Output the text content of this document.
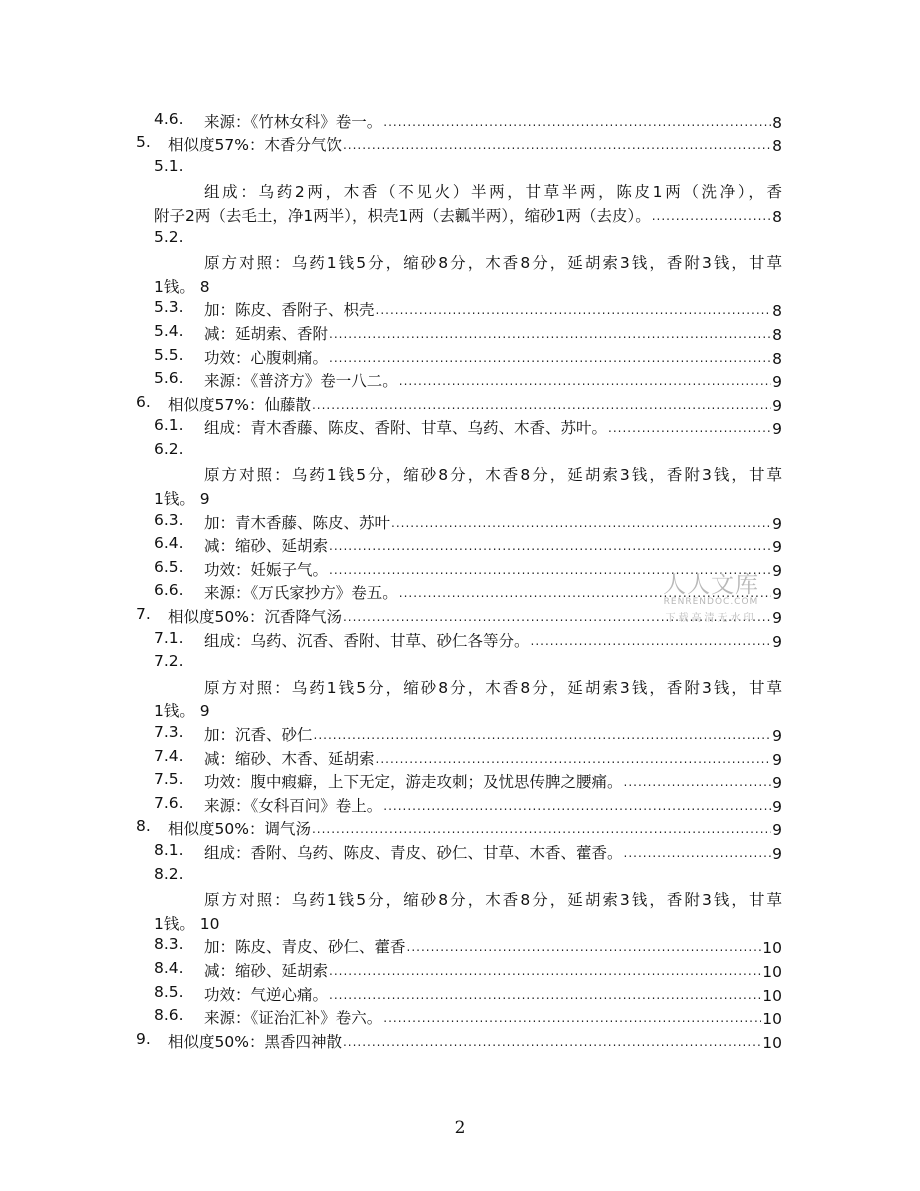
4.6. 来源：《竹林女科》卷一。 .....	8
5. 相似度57%：木香分气饮 .....	8
5.1.
组成：乌药2两，木香（不见火）半两，甘草半两，陈皮1两（洗净），香
附子2两（去毛土，净1两半），枳壳1两（去瓤半两），缩砂1两（去皮）。 .....	8
5.2.
原方对照：乌药1钱5分，缩砂8分，木香8分，延胡索3钱，香附3钱，甘草
1钱。 8
5.3. 加：陈皮、香附子、枳壳 .....	8
5.4. 减：延胡索、香附 .....	8
5.5. 功效：心腹刺痛。 .....	8
5.6. 来源：《普济方》卷一八二。 .....	9
6. 相似度57%：仙藤散 .....	9
6.1. 组成：青木香藤、陈皮、香附、甘草、乌药、木香、苏叶。 .....	9
6.2.
原方对照：乌药1钱5分，缩砂8分，木香8分，延胡索3钱，香附3钱，甘草
1钱。 9
6.3. 加：青木香藤、陈皮、苏叶 .....	9
6.4. 减：缩砂、延胡索 .....	9
6.5. 功效：妊娠子气。 .....	9
6.6. 来源：《万氏家抄方》卷五。 .....	9
7. 相似度50%：沉香降气汤 .....	9
7.1. 组成：乌药、沉香、香附、甘草、砂仁各等分。 .....	9
7.2.
原方对照：乌药1钱5分，缩砂8分，木香8分，延胡索3钱，香附3钱，甘草
1钱。 9
7.3. 加：沉香、砂仁 .....	9
7.4. 减：缩砂、木香、延胡索 .....	9
7.5. 功效：腹中瘕癖，上下无定，游走攻刺；及忧思传脾之腰痛。 .....	9
7.6. 来源：《女科百问》卷上。 .....	9
8. 相似度50%：调气汤 .....	9
8.1. 组成：香附、乌药、陈皮、青皮、砂仁、甘草、木香、藿香。 .....	9
8.2.
原方对照：乌药1钱5分，缩砂8分，木香8分，延胡索3钱，香附3钱，甘草
1钱。 10
8.3. 加：陈皮、青皮、砂仁、藿香 .....	10
8.4. 减：缩砂、延胡索 .....	10
8.5. 功效：气逆心痛。 .....	10
8.6. 来源：《证治汇补》卷六。 .....	10
9. 相似度50%：黑香四神散 .....	10
人人文库
RENRENDOC.COM
下载高清无水印
2
